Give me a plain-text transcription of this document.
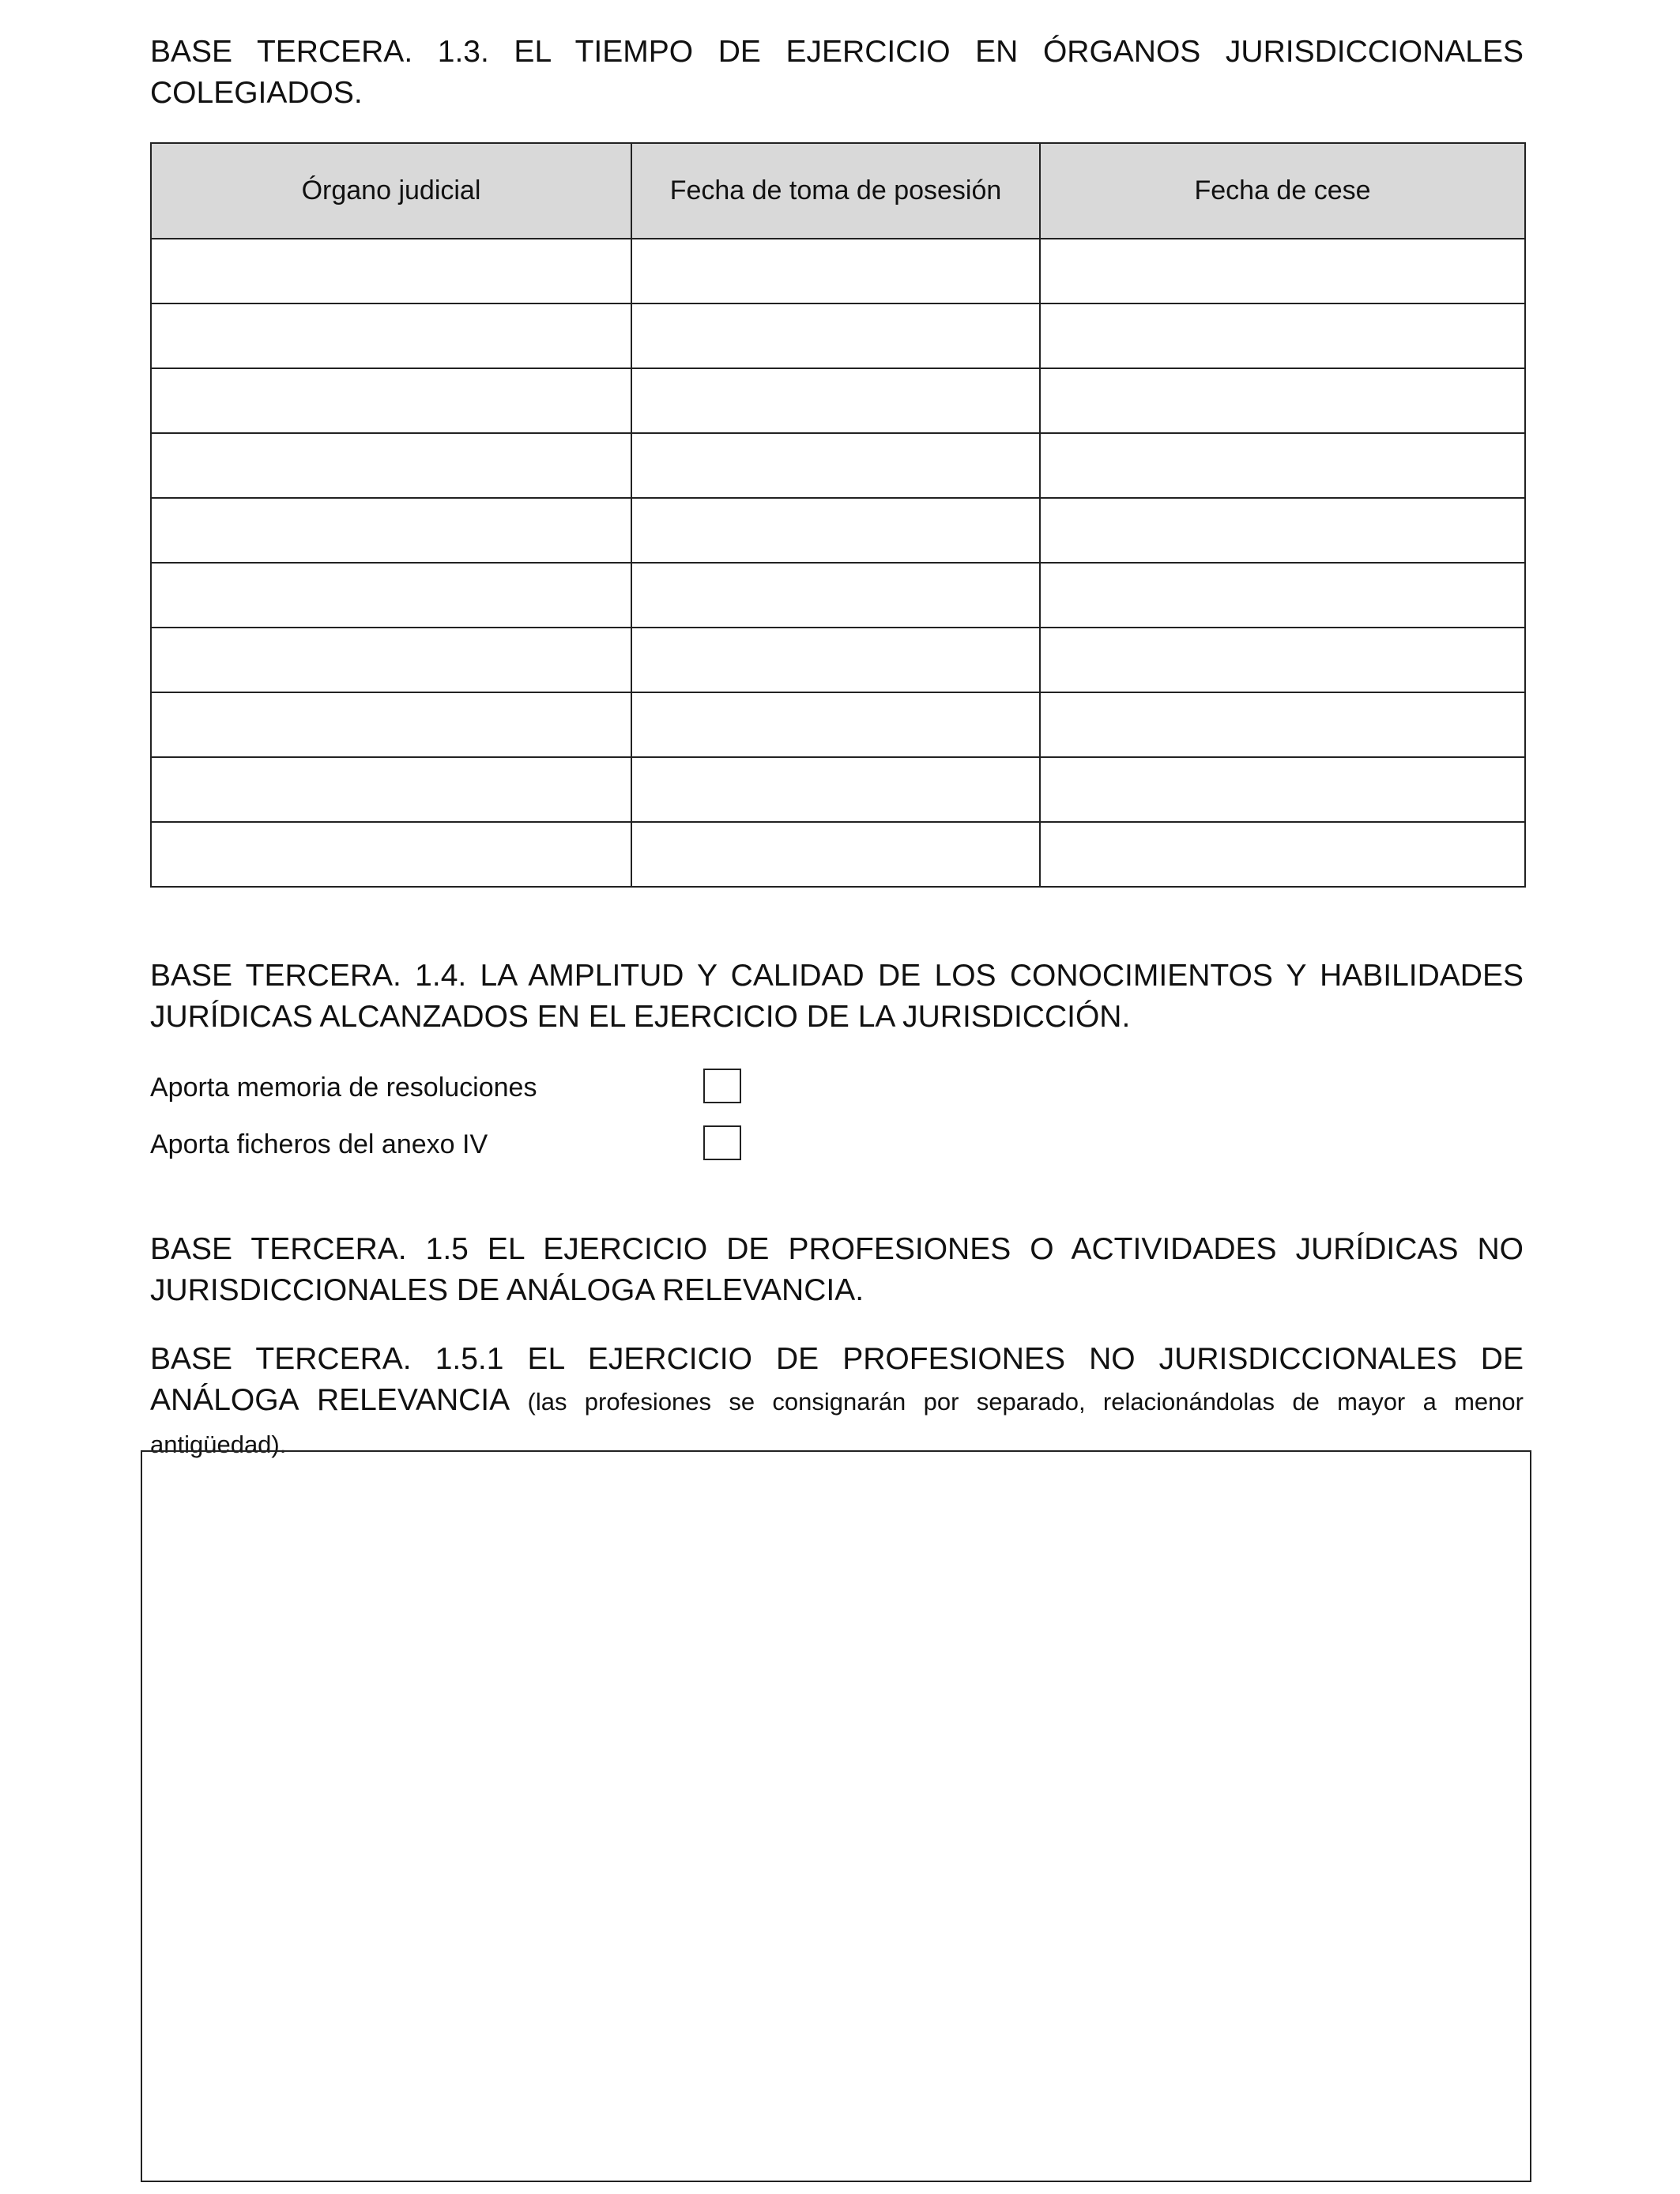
BASE TERCERA. 1.3. EL TIEMPO DE EJERCICIO EN ÓRGANOS JURISDICCIONALES COLEGIADOS.

Órgano judicial	Fecha de toma de posesión	Fecha de cese

BASE TERCERA. 1.4. LA AMPLITUD Y CALIDAD DE LOS CONOCIMIENTOS Y HABILIDADES JURÍDICAS ALCANZADOS EN EL EJERCICIO DE LA JURISDICCIÓN.

Aporta memoria de resoluciones
Aporta ficheros del anexo IV

BASE TERCERA. 1.5 EL EJERCICIO DE PROFESIONES O ACTIVIDADES JURÍDICAS NO JURISDICCIONALES DE ANÁLOGA RELEVANCIA.

BASE TERCERA. 1.5.1 EL EJERCICIO DE PROFESIONES NO JURISDICCIONALES DE ANÁLOGA RELEVANCIA (las profesiones se consignarán por separado, relacionándolas de mayor a menor antigüedad).
